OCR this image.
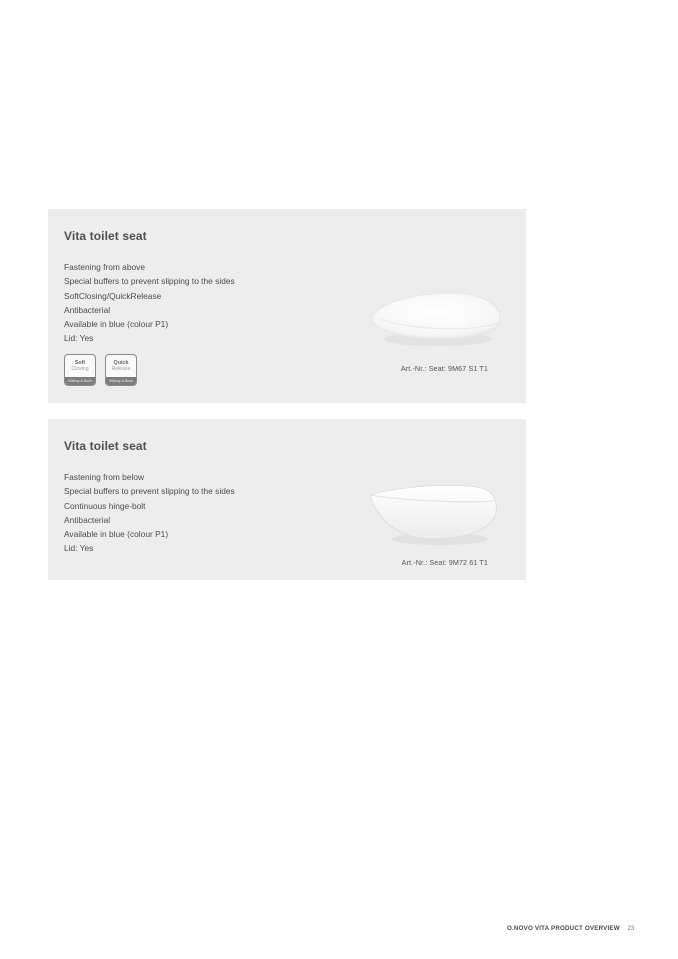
Vita toilet seat
Fastening from above
Special buffers to prevent slipping to the sides
SoftClosing/QuickRelease
Antibacterial
Available in blue (colour P1)
Lid: Yes
Soft
Closing
Villeroy & Boch
Quick
Release
Villeroy & Boch
Art.-Nr.: Seat: 9M67 S1 T1
Vita toilet seat
Fastening from below
Special buffers to prevent slipping to the sides
Continuous hinge-bolt
Antibacterial
Available in blue (colour P1)
Lid: Yes
Art.-Nr.: Seat: 9M72 61 T1
O.NOVO VITA PRODUCT OVERVIEW 23
